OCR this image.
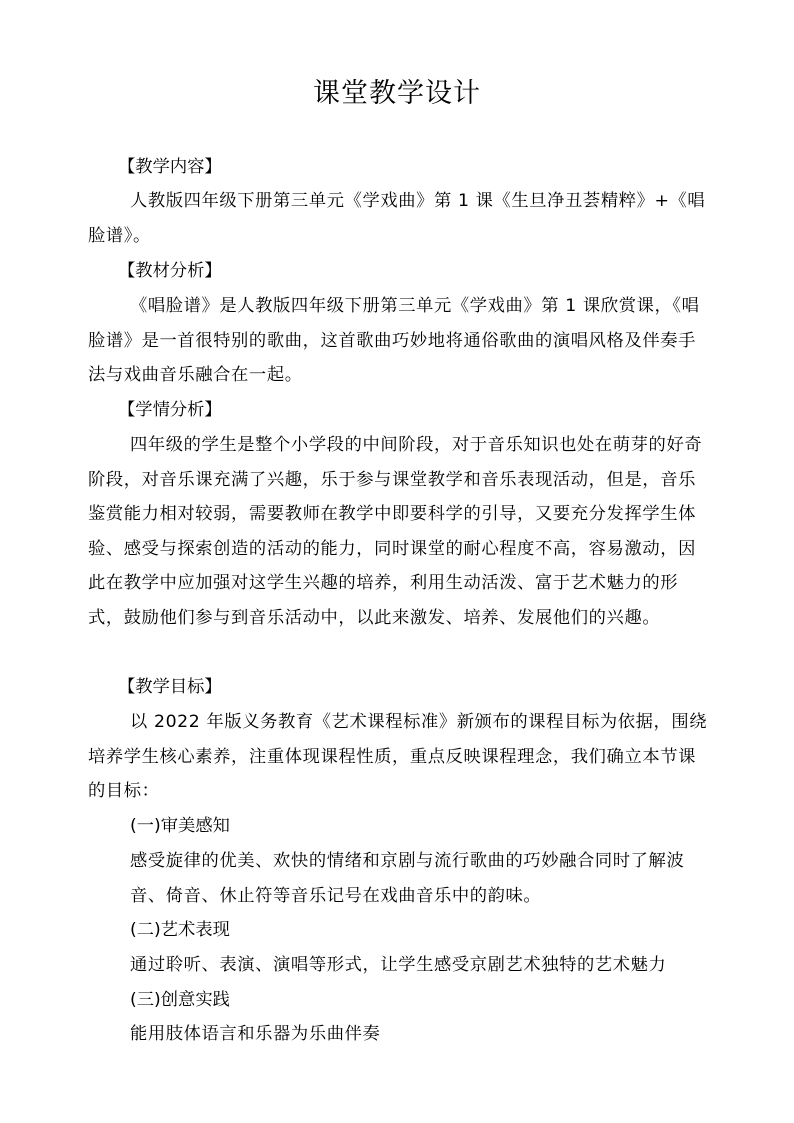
课堂教学设计
【教学内容】
人教版四年级下册第三单元《学戏曲》第 1 课《生旦净丑荟精粹》+《唱脸谱》。
【教材分析】
《唱脸谱》是人教版四年级下册第三单元《学戏曲》第 1 课欣赏课，《唱脸谱》是一首很特别的歌曲，这首歌曲巧妙地将通俗歌曲的演唱风格及伴奏手法与戏曲音乐融合在一起。
【学情分析】
四年级的学生是整个小学段的中间阶段，对于音乐知识也处在萌芽的好奇阶段，对音乐课充满了兴趣，乐于参与课堂教学和音乐表现活动，但是，音乐鉴赏能力相对较弱，需要教师在教学中即要科学的引导，又要充分发挥学生体验、感受与探索创造的活动的能力，同时课堂的耐心程度不高，容易激动，因此在教学中应加强对这学生兴趣的培养，利用生动活泼、富于艺术魅力的形式，鼓励他们参与到音乐活动中，以此来激发、培养、发展他们的兴趣。
【教学目标】
以 2022 年版义务教育《艺术课程标准》新颁布的课程目标为依据，围绕培养学生核心素养，注重体现课程性质，重点反映课程理念，我们确立本节课的目标：
(一)审美感知
感受旋律的优美、欢快的情绪和京剧与流行歌曲的巧妙融合同时了解波音、倚音、休止符等音乐记号在戏曲音乐中的韵味。
(二)艺术表现
通过聆听、表演、演唱等形式，让学生感受京剧艺术独特的艺术魅力
(三)创意实践
能用肢体语言和乐器为乐曲伴奏
